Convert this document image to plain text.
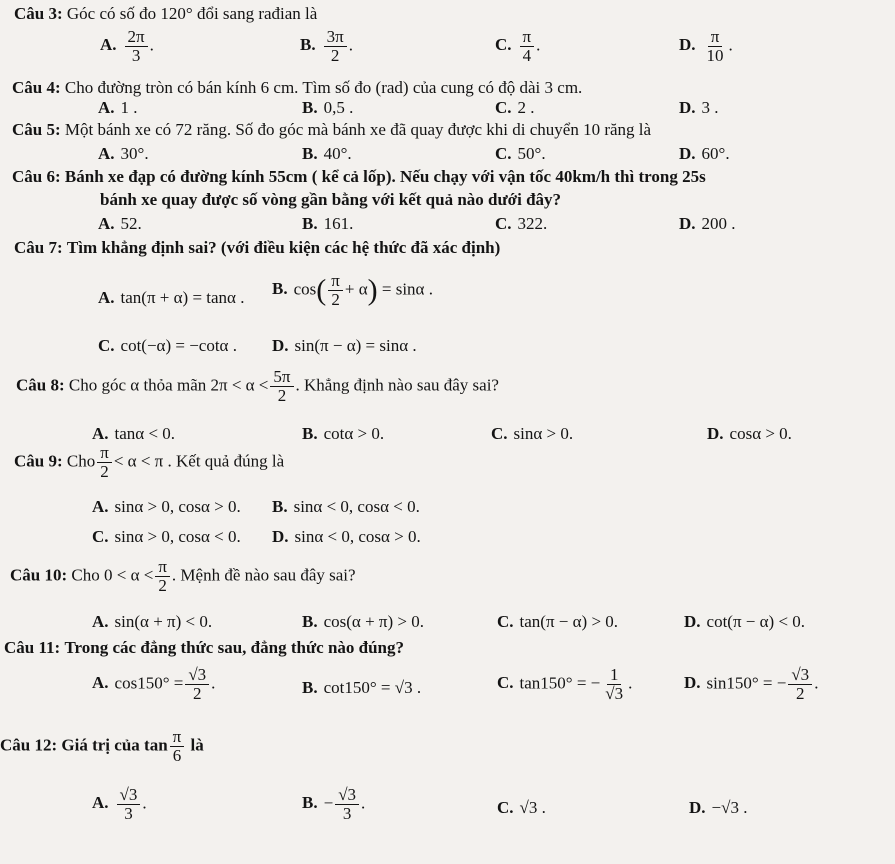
Câu 3: Góc có số đo 120° đổi sang rađian là
A. $\frac{2\pi}{3}$ .	B. $\frac{3\pi}{2}$ .	C. $\frac{\pi}{4}$ .	D. $\frac{\pi}{10}$ .
Câu 4: Cho đường tròn có bán kính 6 cm. Tìm số đo (rad) của cung có độ dài 3 cm.
A. 1 .	B. 0,5 .	C. 2 .	D. 3 .
Câu 5: Một bánh xe có 72 răng. Số đo góc mà bánh xe đã quay được khi di chuyển 10 răng là
A. 30°.	B. 40°.	C. 50°.	D. 60°.
Câu 6: Bánh xe đạp có đường kính 55cm ( kể cả lốp). Nếu chạy với vận tốc 40km/h thì trong 25s
bánh xe quay được số vòng gần bằng với kết quả nào dưới đây?
A. 52.	B. 161.	C. 322.	D. 200 .
Câu 7: Tìm khẳng định sai? (với điều kiện các hệ thức đã xác định)
A. tan(π + α) = tanα . B. $\cos( \frac{\pi}{2} + \alpha) = \sin\alpha$ .
C. cot(−α) = −cotα . D. sin(π − α) = sinα .
Câu 8: Cho góc α thỏa mãn $2\pi < \alpha < \frac{5\pi}{2}$ . Khẳng định nào sau đây sai?
A. tanα < 0.	B. cotα > 0.	C. sinα > 0.	D. cosα > 0.
Câu 9: Cho $\frac{\pi}{2} < \alpha < \pi$ . Kết quả đúng là
A. sinα > 0, cosα > 0. B. sinα < 0, cosα < 0.
C. sinα > 0, cosα < 0. D. sinα < 0, cosα > 0.
Câu 10: Cho $0 < \alpha < \frac{\pi}{2}$ . Mệnh đề nào sau đây sai?
A. sin(α + π) < 0.	B. cos(α + π) > 0.	C. tan(π − α) > 0.	D. cot(π − α) < 0.
Câu 11: Trong các đẳng thức sau, đẳng thức nào đúng?
A. $\cos 150^\circ = \frac{√3}{2}$ .	B. cot150° = √3 .	C. tan150° = − $\frac{1}{√3}$ .	D. sin150° = − $\frac{√3}{2}$ .
Câu 12: Giá trị của $\tan \frac{\pi}{6}$ là
A. $\frac{√3}{3}$ .	B. − $\frac{√3}{3}$ .	C. √3 .	D. −√3 .
